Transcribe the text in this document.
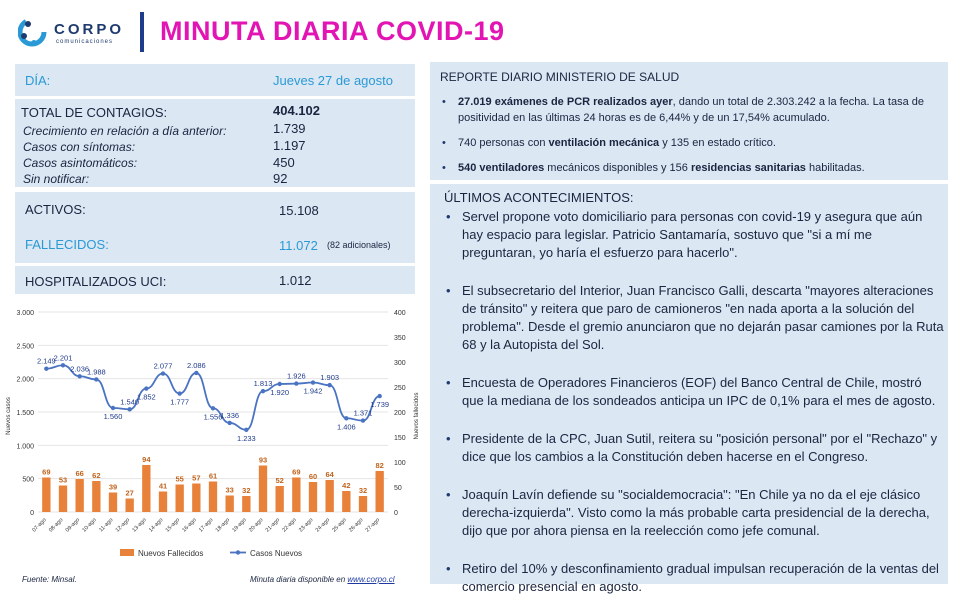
CORPO
comunicaciones MINUTA DIARIA COVID-19
DÍA:	Jueves 27 de agosto
TOTAL DE CONTAGIOS:	404.102
Crecimiento en relación a día anterior:	1.739
Casos con síntomas:	1.197
Casos asintomáticos:	450
Sin notificar:	92
ACTIVOS:	15.108
FALLECIDOS:	11.072 (82 adicionales)
HOSPITALIZADOS UCI:	1.012
REPORTE DIARIO MINISTERIO DE SALUD
• 27.019 exámenes de PCR realizados ayer, dando un total de 2.303.242 a la fecha. La tasa de positividad en las últimas 24 horas es de 6,44% y de un 17,54% acumulado.
• 740 personas con ventilación mecánica y 135 en estado crítico.
• 540 ventiladores mecánicos disponibles y 156 residencias sanitarias habilitadas.
ÚLTIMOS ACONTECIMIENTOS:
• Servel propone voto domiciliario para personas con covid-19 y asegura que aún hay espacio para legislar. Patricio Santamaría, sostuvo que "si a mí me preguntaran, yo haría el esfuerzo para hacerlo".
• El subsecretario del Interior, Juan Francisco Galli, descarta "mayores alteraciones de tránsito" y reitera que paro de camioneros "en nada aporta a la solución del problema". Desde el gremio anunciaron que no dejarán pasar camiones por la Ruta 68 y la Autopista del Sol.
• Encuesta de Operadores Financieros (EOF) del Banco Central de Chile, mostró que la mediana de los sondeados anticipa un IPC de 0,1% para el mes de agosto.
• Presidente de la CPC, Juan Sutil, reitera su "posición personal" por el "Rechazo" y dice que los cambios a la Constitución deben hacerse en el Congreso.
• Joaquín Lavín defiende su "socialdemocracia": "En Chile ya no da el eje clásico derecha-izquierda". Visto como la más probable carta presidencial de la derecha, dijo que por ahora piensa en la reelección como jefe comunal.
• Retiro del 10% y desconfinamiento gradual impulsan recuperación de la ventas del comercio presencial en agosto.
0
500
1.000
1.500
2.000
2.500
3.000
0
50
100
150
200
250
300
350
400
Nuevos casos	Nuevos fallecidos
69
53
66 62
39
27
94
41
55 57 61
33 32
93
52
69 60 64
42
32
82
2.149
2.201
2.036
1.988
1.560
1.540
1.852
2.077
1.777
2.086
1.556
1.336
1.233
1.813
1.920
1.926
1.942
1.903
1.406
1.371
1.739
07-ago 08-ago 09-ago 10-ago 11-ago 12-ago 13-ago 14-ago 15-ago 16-ago 17-ago 18-ago 19-ago 20-ago 21-ago 22-ago 23-ago 24-ago 25-ago 26-ago 27-ago
Nuevos Fallecidos	Casos Nuevos
Fuente: Minsal.	Minuta diaria disponible en www.corpo.cl
